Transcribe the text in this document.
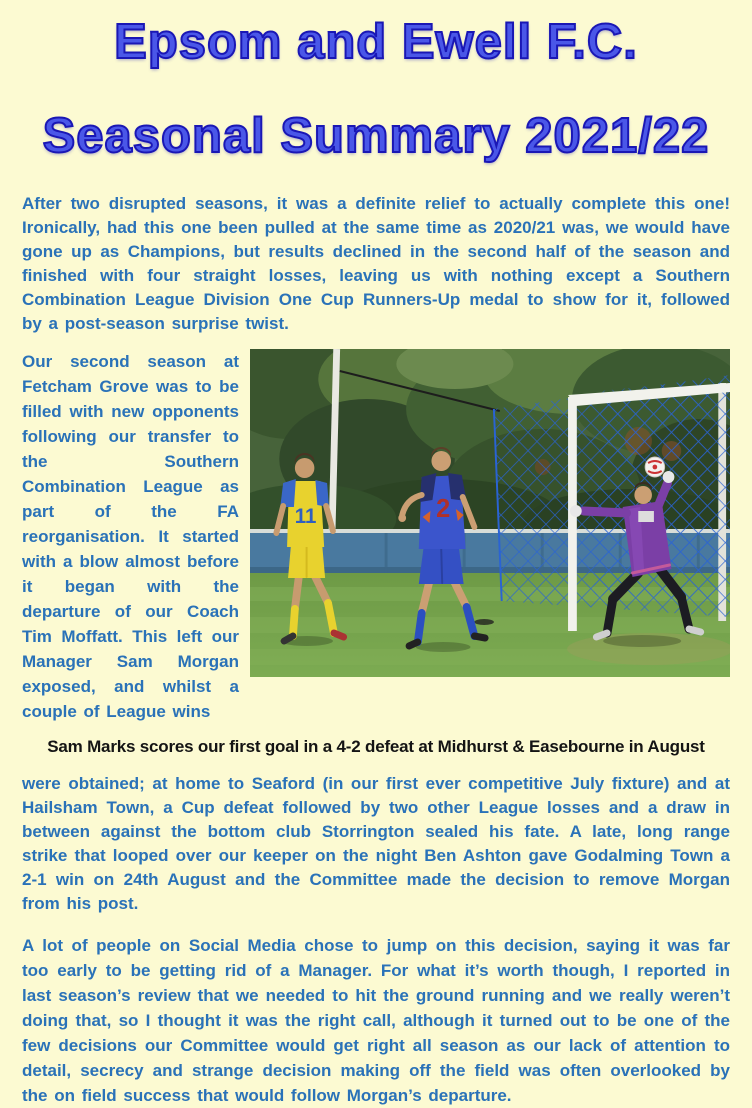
Epsom and Ewell F.C.
Seasonal Summary 2021/22

After two disrupted seasons, it was a definite relief to actually complete this one! Ironically, had this one been pulled at the same time as 2020/21 was, we would have gone up as Champions, but results declined in the second half of the season and finished with four straight losses, leaving us with nothing except a Southern Combination League Division One Cup Runners-Up medal to show for it, followed by a post-season surprise twist.

Our second season at Fetcham Grove was to be filled with new opponents following our transfer to the Southern Combination League as part of the FA reorganisation. It started with a blow almost before it began with the departure of our Coach Tim Moffatt. This left our Manager Sam Morgan exposed, and whilst a couple of League wins

11	2

Sam Marks scores our first goal in a 4-2 defeat at Midhurst & Easebourne in August

were obtained; at home to Seaford (in our first ever competitive July fixture) and at Hailsham Town, a Cup defeat followed by two other League losses and a draw in between against the bottom club Storrington sealed his fate. A late, long range strike that looped over our keeper on the night Ben Ashton gave Godalming Town a 2-1 win on 24th August and the Committee made the decision to remove Morgan from his post.

A lot of people on Social Media chose to jump on this decision, saying it was far too early to be getting rid of a Manager. For what it’s worth though, I reported in last season’s review that we needed to hit the ground running and we really weren’t doing that, so I thought it was the right call, although it turned out to be one of the few decisions our Committee would get right all season as our lack of attention to detail, secrecy and strange decision making off the field was often overlooked by the on field success that would follow Morgan’s departure.
